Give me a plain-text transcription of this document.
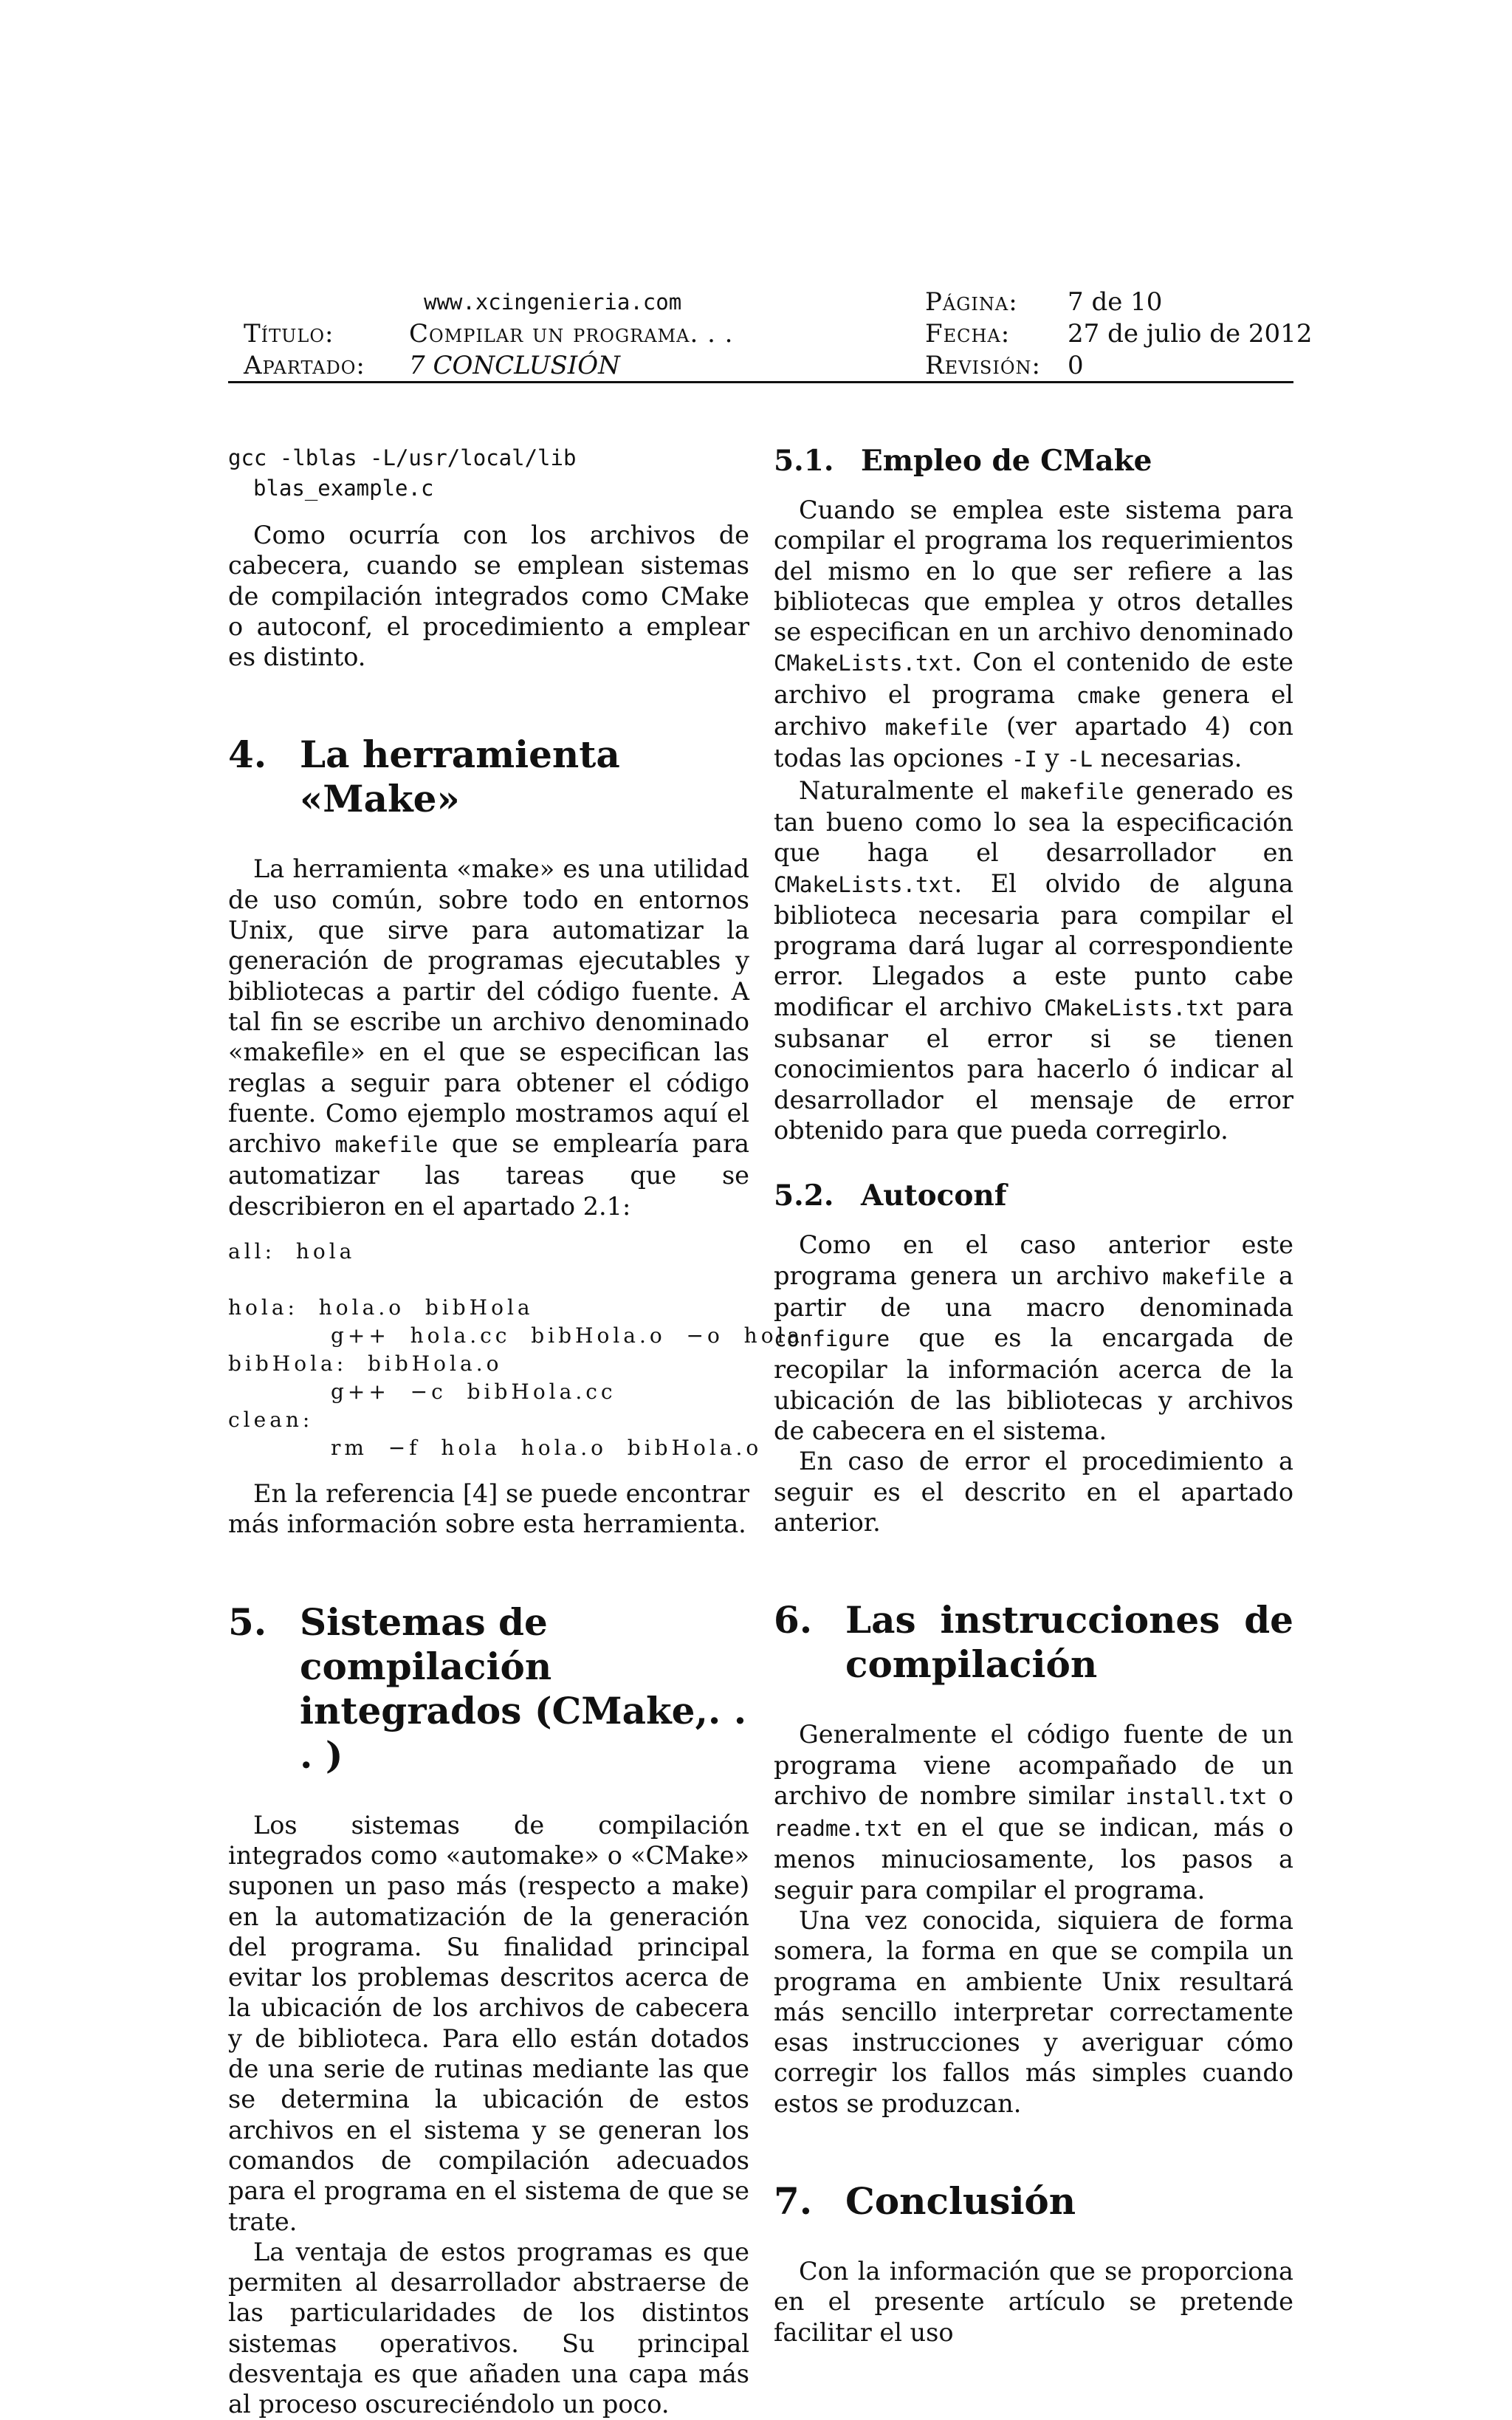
www.xcingenieria.com
Título:	Compilar un programa. . .
Apartado: 7 CONCLUSIÓN
Página: 7 de 10
Fecha: 27 de julio de 2012
Revisión: 0
gcc -lblas -L/usr/local/lib
blas_example.c

Como ocurría con los archivos de cabecera, cuando se emplean sistemas de compilación integrados como CMake o autoconf, el procedimiento a emplear es distinto.

4. La herramienta «Make»

La herramienta «make» es una utilidad de uso común, sobre todo en entornos Unix, que sirve para automatizar la generación de programas ejecutables y bibliotecas a partir del código fuente. A tal fin se escribe un archivo denominado «makefile» en el que se especifican las reglas a seguir para obtener el código fuente. Como ejemplo mostramos aquí el archivo makefile que se emplearía para automatizar las tareas que se describieron en el apartado 2.1:

all:  hola

hola:  hola.o  bibHola
g++  hola.cc  bibHola.o  −o  hola
bibHola:  bibHola.o
g++  −c  bibHola.cc
clean:
rm  −f  hola  hola.o  bibHola.o

En la referencia [4] se puede encontrar más información sobre esta herramienta.

5. Sistemas de compilación
integrados (CMake,. . . )

Los sistemas de compilación integrados como «automake» o «CMake» suponen un paso más (respecto a make) en la automatización de la generación del programa. Su finalidad principal evitar los problemas descritos acerca de la ubicación de los archivos de cabecera y de biblioteca. Para ello están dotados de una serie de rutinas mediante las que se determina la ubicación de estos archivos en el sistema y se generan los comandos de compilación adecuados para el programa en el sistema de que se trate.

La ventaja de estos programas es que permiten al desarrollador abstraerse de las particularidades de los distintos sistemas operativos. Su principal desventaja es que añaden una capa más al proceso oscureciéndolo un poco.

5.1. Empleo de CMake

Cuando se emplea este sistema para compilar el programa los requerimientos del mismo en lo que ser refiere a las bibliotecas que emplea y otros detalles se especifican en un archivo denominado CMakeLists.txt. Con el contenido de este archivo el programa cmake genera el archivo makefile (ver apartado 4) con todas las opciones -I y -L necesarias.

Naturalmente el makefile generado es tan bueno como lo sea la especificación que haga el desarrollador en CMakeLists.txt. El olvido de alguna biblioteca necesaria para compilar el programa dará lugar al correspondiente error. Llegados a este punto cabe modificar el archivo CMakeLists.txt para subsanar el error si se tienen conocimientos para hacerlo ó indicar al desarrollador el mensaje de error obtenido para que pueda corregirlo.

5.2. Autoconf

Como en el caso anterior este programa genera un archivo makefile a partir de una macro denominada configure que es la encargada de recopilar la información acerca de la ubicación de las bibliotecas y archivos de cabecera en el sistema.

En caso de error el procedimiento a seguir es el descrito en el apartado anterior.

6. Las instrucciones de
compilación

Generalmente el código fuente de un programa viene acompañado de un archivo de nombre similar install.txt o readme.txt en el que se indican, más o menos minuciosamente, los pasos a seguir para compilar el programa.

Una vez conocida, siquiera de forma somera, la forma en que se compila un programa en ambiente Unix resultará más sencillo interpretar correctamente esas instrucciones y averiguar cómo corregir los fallos más simples cuando estos se produzcan.

7. Conclusión

Con la información que se proporciona en el presente artículo se pretende facilitar el uso
